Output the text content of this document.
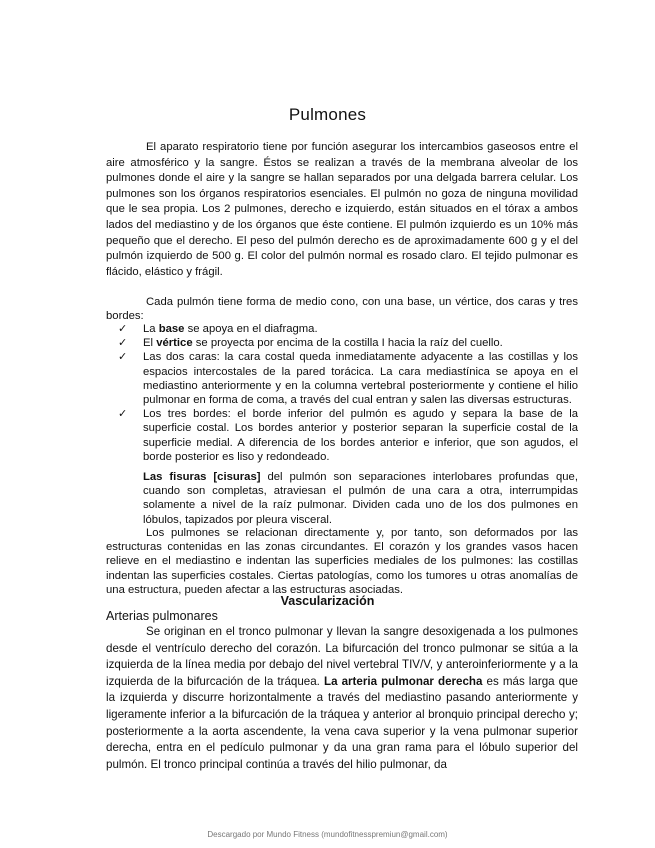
Pulmones

El aparato respiratorio tiene por función asegurar los intercambios gaseosos entre el aire atmosférico y la sangre. Éstos se realizan a través de la membrana alveolar de los pulmones donde el aire y la sangre se hallan separados por una delgada barrera celular. Los pulmones son los órganos respiratorios esenciales. El pulmón no goza de ninguna movilidad que le sea propia. Los 2 pulmones, derecho e izquierdo, están situados en el tórax a ambos lados del mediastino y de los órganos que éste contiene. El pulmón izquierdo es un 10% más pequeño que el derecho. El peso del pulmón derecho es de aproximadamente 600 g y el del pulmón izquierdo de 500 g. El color del pulmón normal es rosado claro. El tejido pulmonar es flácido, elástico y frágil.

Cada pulmón tiene forma de medio cono, con una base, un vértice, dos caras y tres bordes:

✓ La base se apoya en el diafragma.
✓ El vértice se proyecta por encima de la costilla I hacia la raíz del cuello.
✓ Las dos caras: la cara costal queda inmediatamente adyacente a las costillas y los espacios intercostales de la pared torácica. La cara mediastínica se apoya en el mediastino anteriormente y en la columna vertebral posteriormente y contiene el hilio pulmonar en forma de coma, a través del cual entran y salen las diversas estructuras.
✓ Los tres bordes: el borde inferior del pulmón es agudo y separa la base de la superficie costal. Los bordes anterior y posterior separan la superficie costal de la superficie medial. A diferencia de los bordes anterior e inferior, que son agudos, el borde posterior es liso y redondeado.

Las fisuras [cisuras] del pulmón son separaciones interlobares profundas que, cuando son completas, atraviesan el pulmón de una cara a otra, interrumpidas solamente a nivel de la raíz pulmonar. Dividen cada uno de los dos pulmones en lóbulos, tapizados por pleura visceral.

Los pulmones se relacionan directamente y, por tanto, son deformados por las estructuras contenidas en las zonas circundantes. El corazón y los grandes vasos hacen relieve en el mediastino e indentan las superficies mediales de los pulmones: las costillas indentan las superficies costales. Ciertas patologías, como los tumores u otras anomalías de una estructura, pueden afectar a las estructuras asociadas.

Vascularización
Arterias pulmonares

Se originan en el tronco pulmonar y llevan la sangre desoxigenada a los pulmones desde el ventrículo derecho del corazón. La bifurcación del tronco pulmonar se sitúa a la izquierda de la línea media por debajo del nivel vertebral TIV/V, y anteroinferiormente y a la izquierda de la bifurcación de la tráquea. La arteria pulmonar derecha es más larga que la izquierda y discurre horizontalmente a través del mediastino pasando anteriormente y ligeramente inferior a la bifurcación de la tráquea y anterior al bronquio principal derecho y; posteriormente a la aorta ascendente, la vena cava superior y la vena pulmonar superior derecha, entra en el pedículo pulmonar y da una gran rama para el lóbulo superior del pulmón. El tronco principal continúa a través del hilio pulmonar, da

Descargado por Mundo Fitness (mundofitnesspremiun@gmail.com)
